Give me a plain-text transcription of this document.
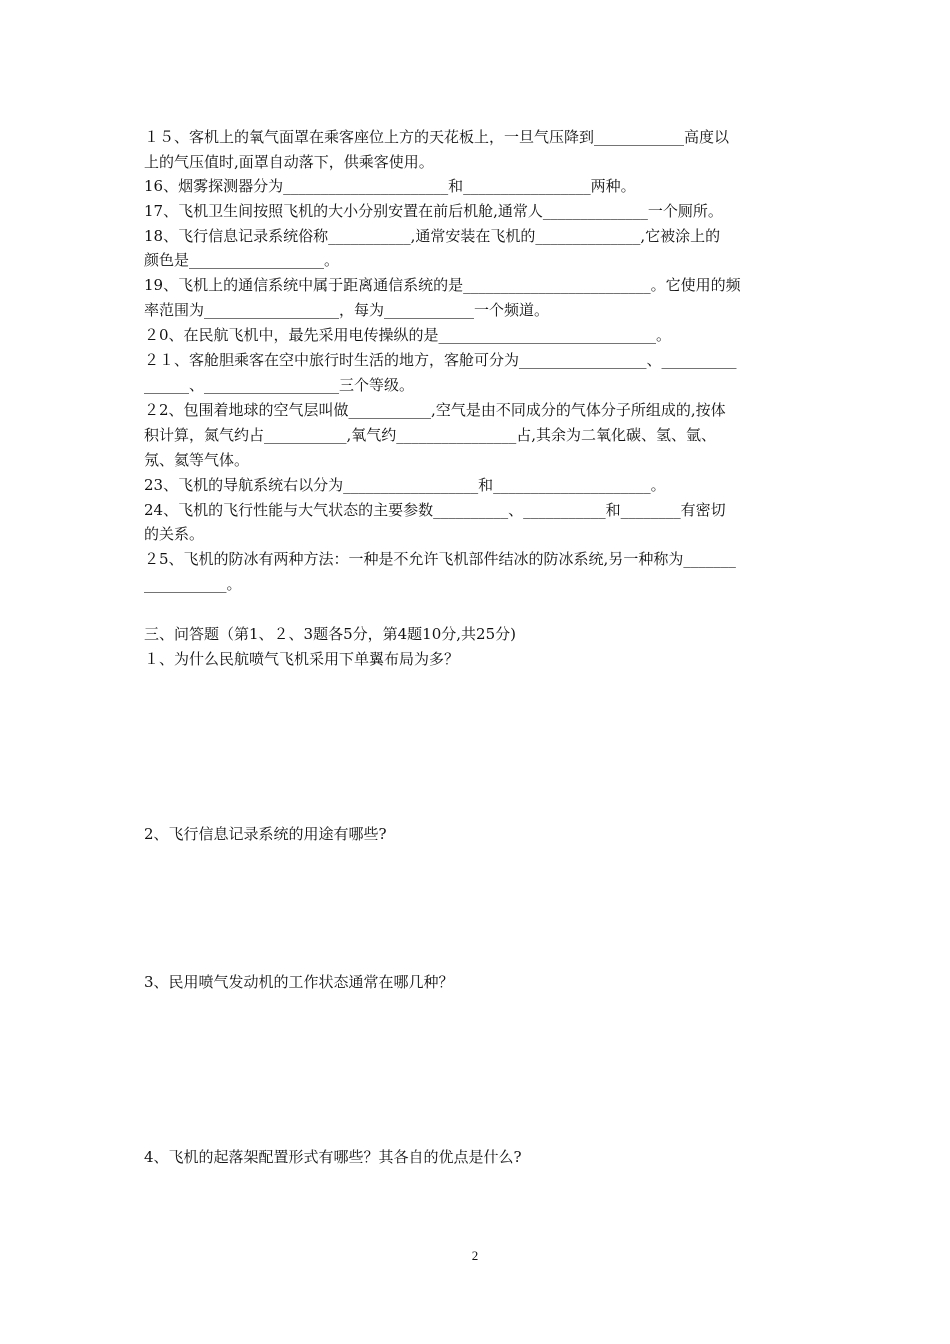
１５、客机上的氧气面罩在乘客座位上方的天花板上，一旦气压降到____________高度以
上的气压值时,面罩自动落下，供乘客使用。
16、烟雾探测器分为______________________和_________________两种。
17、飞机卫生间按照飞机的大小分别安置在前后机舱,通常人______________一个厕所。
18、飞行信息记录系统俗称___________,通常安装在飞机的______________,它被涂上的
颜色是__________________。
19、飞机上的通信系统中属于距离通信系统的是_________________________。它使用的频
率范围为__________________，每为____________一个频道。
２0、在民航飞机中，最先采用电传操纵的是_____________________________。
２１、客舱胆乘客在空中旅行时生活的地方，客舱可分为_________________、__________
______、__________________三个等级。
２2、包围着地球的空气层叫做___________,空气是由不同成分的气体分子所组成的,按体
积计算，氮气约占___________,氧气约________________占,其余为二氧化碳、氢、氩、
氖、氦等气体。
23、飞机的导航系统右以分为__________________和_____________________。
24、飞机的飞行性能与大气状态的主要参数__________、___________和________有密切
的关系。
２5、飞机的防冰有两种方法：一种是不允许飞机部件结冰的防冰系统,另一种称为_______
___________。
三、问答题（第1、２、3题各5分，第4题10分,共25分)
１、为什么民航喷气飞机采用下单翼布局为多？
2、飞行信息记录系统的用途有哪些?
3、民用喷气发动机的工作状态通常在哪几种？
4、飞机的起落架配置形式有哪些？其各自的优点是什么?
2
